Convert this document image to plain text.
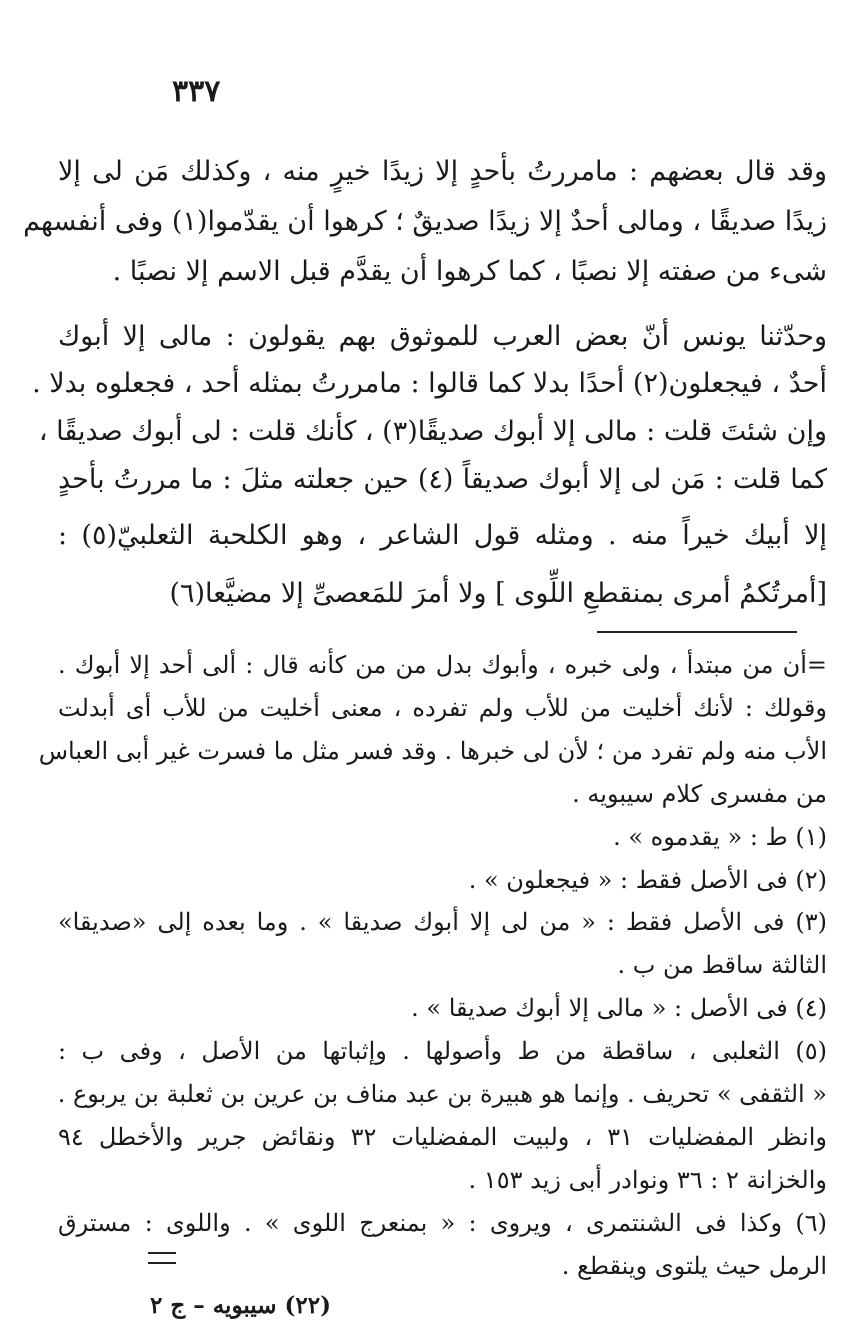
٣٣٧
وقد قال بعضهم : مامررتُ بأحدٍ إلا زيدًا خيرٍ منه ، وكذلك مَن لى إلا
زيدًا صديقًا ، ومالى أحدٌ إلا زيدًا صديقٌ ؛ كرهوا أن يقدّموا(١) وفى أنفسهم
شىء من صفته إلا نصبًا ، كما كرهوا أن يقدَّم قبل الاسم إلا نصبًا .
وحدّثنا يونس أنّ بعض العرب للموثوق بهم يقولون : مالى إلا أبوك
أحدٌ ، فيجعلون(٢) أحدًا بدلا كما قالوا : مامررتُ بمثله أحد ، فجعلوه بدلا .
وإن شئتَ قلت : مالى إلا أبوك صديقًا(٣) ، كأنك قلت : لى أبوك صديقًا ،
كما قلت : مَن لى إلا أبوك صديقاً (٤) حين جعلته مثلَ : ما مررتُ بأحدٍ
إلا أبيك خيراً منه . ومثله قول الشاعر ، وهو الكلحبة الثعلبيّ(٥) :
[أمرتُكمُ أمرى بمنقطعِ اللِّوى ] ولا أمرَ للمَعصىِّ إلا مضيَّعا(٦)
=أن من مبتدأ ، ولى خبره ، وأبوك بدل من من كأنه قال : ألى أحد إلا أبوك .
وقولك : لأنك أخليت من للأب ولم تفرده ، معنى أخليت من للأب أى أبدلت
الأب منه ولم تفرد من ؛ لأن لى خبرها . وقد فسر مثل ما فسرت غير أبى العباس
من مفسرى كلام سيبويه .
(١) ط : « يقدموه » .
(٢) فى الأصل فقط : « فيجعلون » .
(٣) فى الأصل فقط : « من لى إلا أبوك صديقا » . وما بعده إلى «صديقا»
الثالثة ساقط من ب .
(٤) فى الأصل : « مالى إلا أبوك صديقا » .
(٥) الثعلبى ، ساقطة من ط وأصولها . وإثباتها من الأصل ، وفى ب :
« الثقفى » تحريف . وإنما هو هبيرة بن عبد مناف بن عرين بن ثعلبة بن يربوع .
وانظر المفضليات ٣١ ، ولبيت المفضليات ٣٢ ونقائض جرير والأخطل ٩٤
والخزانة ٢ : ٣٦ ونوادر أبى زيد ١٥٣ .
(٦) وكذا فى الشنتمرى ، ويروى : « بمنعرج اللوى » . واللوى : مسترق
الرمل حيث يلتوى وينقطع .
(٢٢) سيبويه – ج ٢
